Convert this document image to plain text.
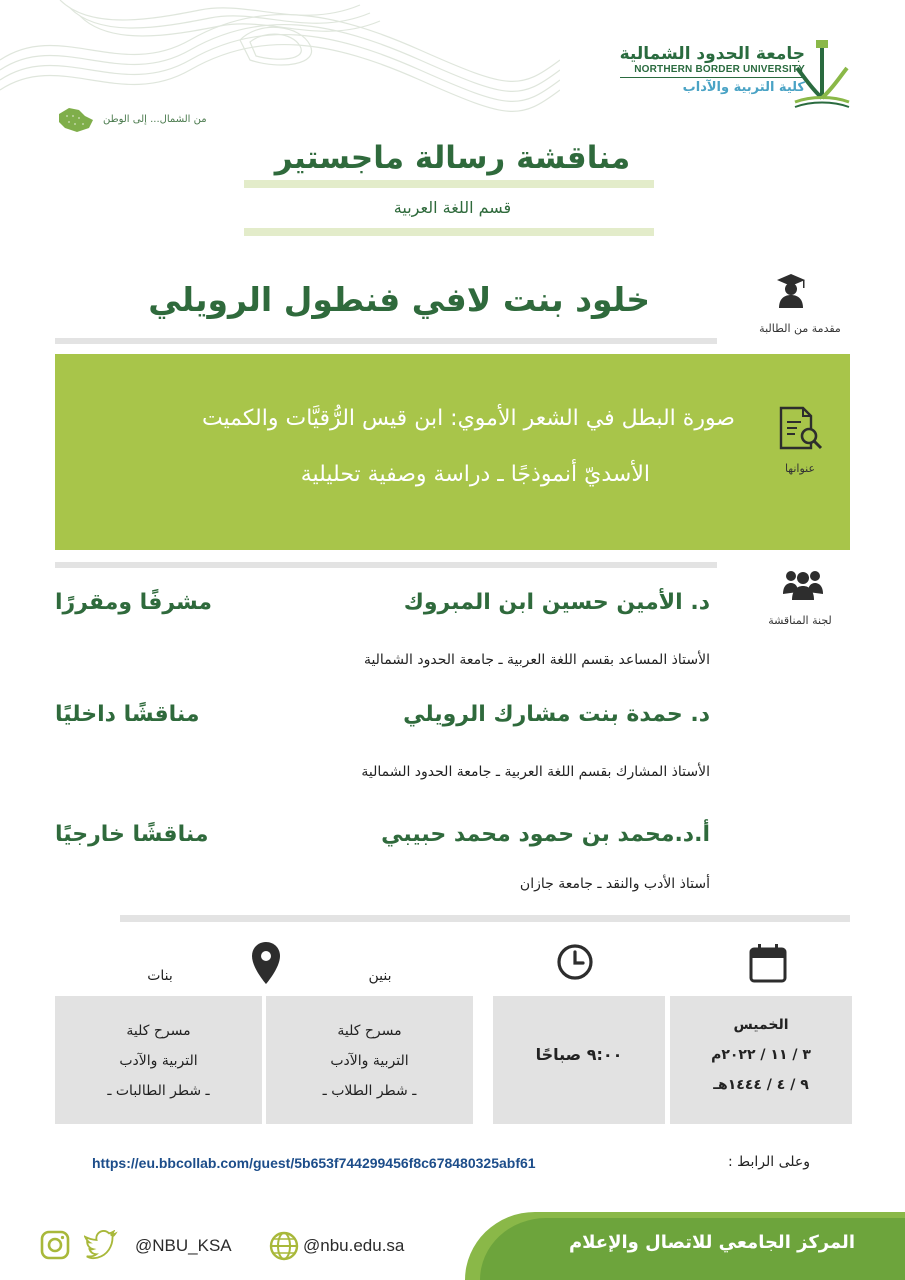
جامعة الحدود الشمالية
NORTHERN BORDER UNIVERSITY
كلية التربية والآداب
من الشمال... إلى الوطن
مناقشة رسالة ماجستير
قسم اللغة العربية
مقدمة من الطالبة
خلود بنت لافي فنطول الرويلي
عنوانها
صورة البطل في الشعر الأموي: ابن قيس الرُّقيَّات والكميت
الأسديّ أنموذجًا ـ دراسة وصفية تحليلية
لجنة المناقشة
د. الأمين حسين ابن المبروك
مشرفًا ومقررًا
الأستاذ المساعد بقسم اللغة العربية ـ جامعة الحدود الشمالية
د. حمدة بنت مشارك الرويلي
مناقشًا داخليًا
الأستاذ المشارك بقسم اللغة العربية ـ جامعة الحدود الشمالية
أ.د.محمد بن حمود محمد حبيبي
مناقشًا خارجيًا
أستاذ الأدب والنقد ـ جامعة جازان
بنين
بنات
الخميس
٣ / ١١ / ٢٠٢٢م
٩ / ٤ / ١٤٤٤هـ
٩:٠٠ صباحًا
مسرح كلية
التربية والآدب
ـ شطر الطلاب ـ
مسرح كلية
التربية والآدب
ـ شطر الطالبات ـ
وعلى الرابط :
https://eu.bbcollab.com/guest/5b653f744299456f8c678480325abf61
المركز الجامعي للاتصال والإعلام
@NBU_KSA	@nbu.edu.sa
